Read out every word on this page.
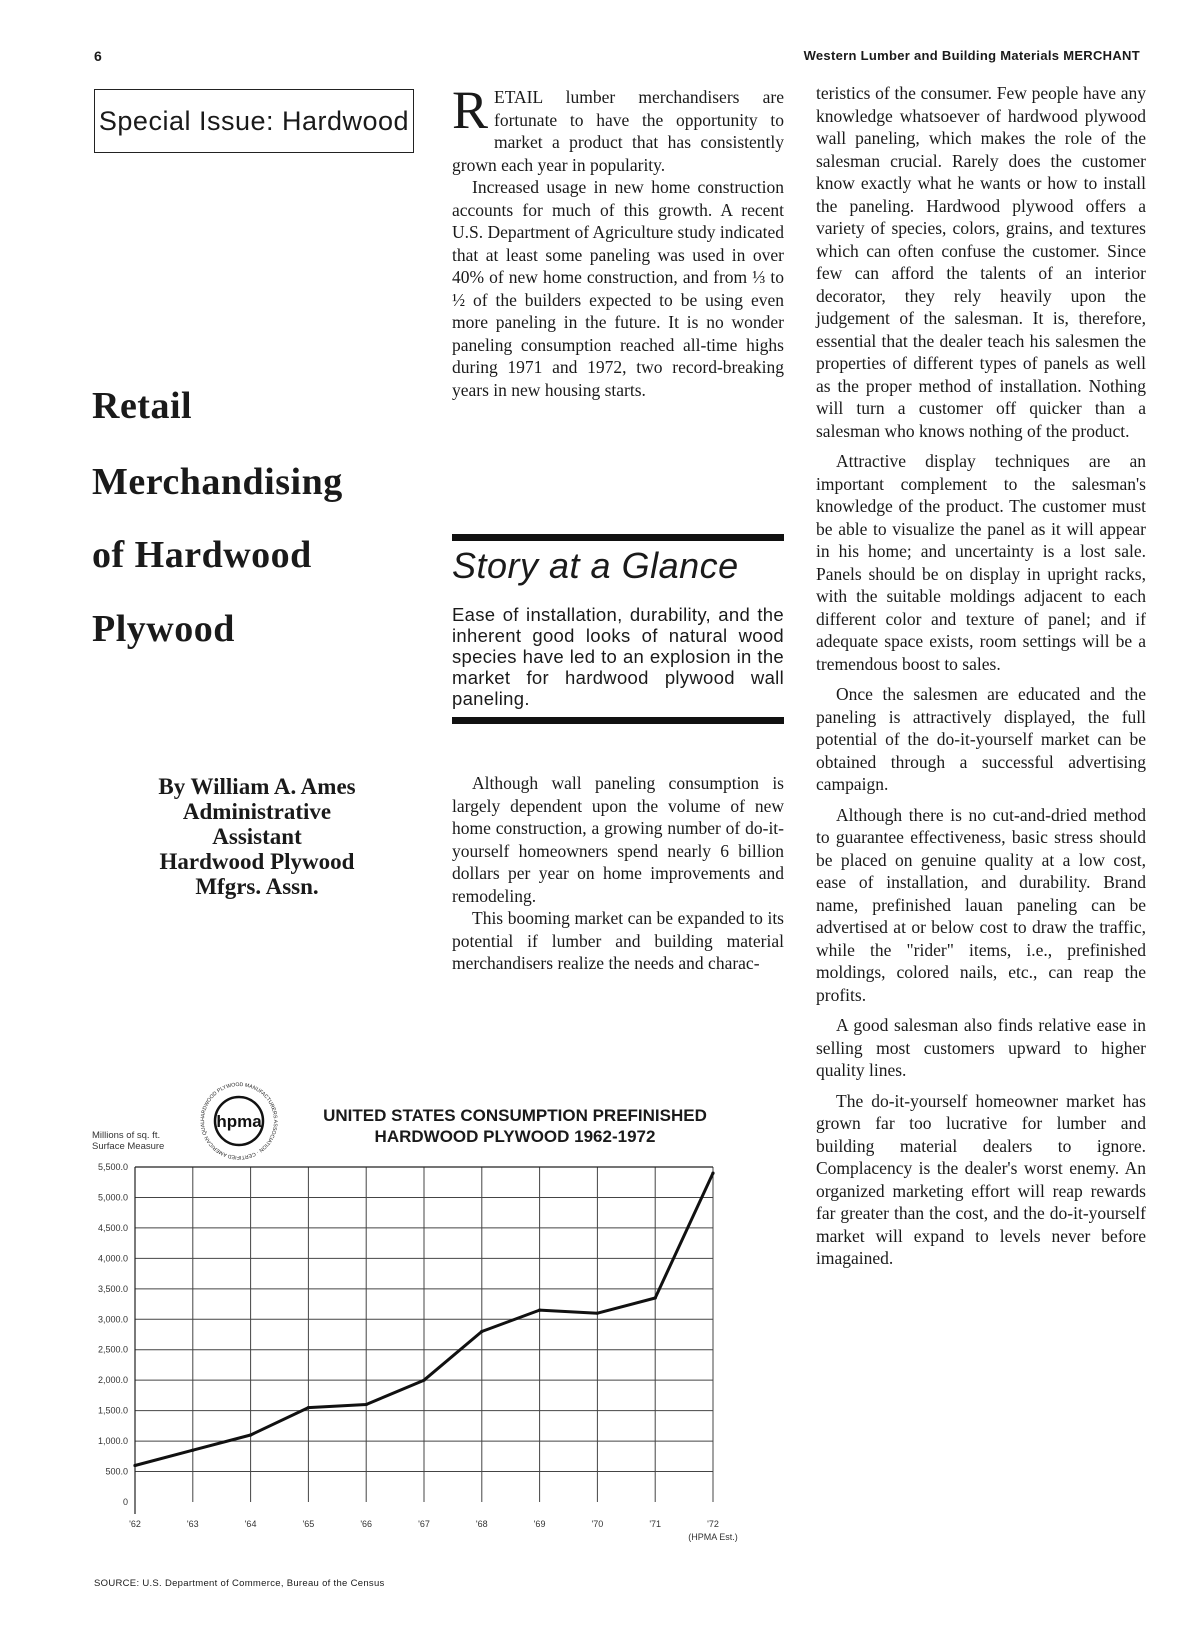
6	Western Lumber and Building Materials MERCHANT
Special Issue: Hardwood
Retail
Merchandising
of Hardwood
Plywood
By William A. Ames
Administrative
Assistant
Hardwood Plywood
Mfgrs. Assn.

RETAIL lumber merchandisers are fortunate to have the opportunity to market a product that has consistently grown each year in popularity.

Increased usage in new home construction accounts for much of this growth. A recent U.S. Department of Agriculture study indicated that at least some paneling was used in over 40% of new home construction, and from ⅓ to ½ of the builders expected to be using even more paneling in the future. It is no wonder paneling consumption reached all-time highs during 1971 and 1972, two record-breaking years in new housing starts.

Story at a Glance
Ease of installation, durability, and the inherent good looks of natural wood species have led to an explosion in the market for hardwood plywood wall paneling.

Although wall paneling consumption is largely dependent upon the volume of new home construction, a growing number of do-it-yourself homeowners spend nearly 6 billion dollars per year on home improvements and remodeling.

This booming market can be expanded to its potential if lumber and building material merchandisers realize the needs and charac-

teristics of the consumer. Few people have any knowledge whatsoever of hardwood plywood wall paneling, which makes the role of the salesman crucial. Rarely does the customer know exactly what he wants or how to install the paneling. Hardwood plywood offers a variety of species, colors, grains, and textures which can often confuse the customer. Since few can afford the talents of an interior decorator, they rely heavily upon the judgement of the salesman. It is, therefore, essential that the dealer teach his salesmen the properties of different types of panels as well as the proper method of installation. Nothing will turn a customer off quicker than a salesman who knows nothing of the product.

Attractive display techniques are an important complement to the salesman's knowledge of the product. The customer must be able to visualize the panel as it will appear in his home; and uncertainty is a lost sale. Panels should be on display in upright racks, with the suitable moldings adjacent to each different color and texture of panel; and if adequate space exists, room settings will be a tremendous boost to sales.

Once the salesmen are educated and the paneling is attractively displayed, the full potential of the do-it-yourself market can be obtained through a successful advertising campaign.

Although there is no cut-and-dried method to guarantee effectiveness, basic stress should be placed on genuine quality at a low cost, ease of installation, and durability. Brand name, prefinished lauan paneling can be advertised at or below cost to draw the traffic, while the "rider" items, i.e., prefinished moldings, colored nails, etc., can reap the profits.

A good salesman also finds relative ease in selling most customers upward to higher quality lines.

The do-it-yourself homeowner market has grown far too lucrative for lumber and building material dealers to ignore. Complacency is the dealer's worst enemy. An organized marketing effort will reap rewards far greater than the cost, and the do-it-yourself market will expand to levels never before imagained.

HARDWOOD PLYWOOD MANUFACTURERS ASSOCIATION · CERTIFIED AMERICAN QUAL hpma	UNITED STATES CONSUMPTION PREFINISHED HARDWOOD PLYWOOD 1962-1972
Millions of sq. ft.
Surface Measure
0
500.0
1,000.0
1,500.0
2,000.0
2,500.0
3,000.0
3,500.0
4,000.0
4,500.0
5,000.0
5,500.0
'62	'63	'64	'65	'66	'67	'68	'69	'70	'71	'72
(HPMA Est.)
SOURCE: U.S. Department of Commerce, Bureau of the Census
